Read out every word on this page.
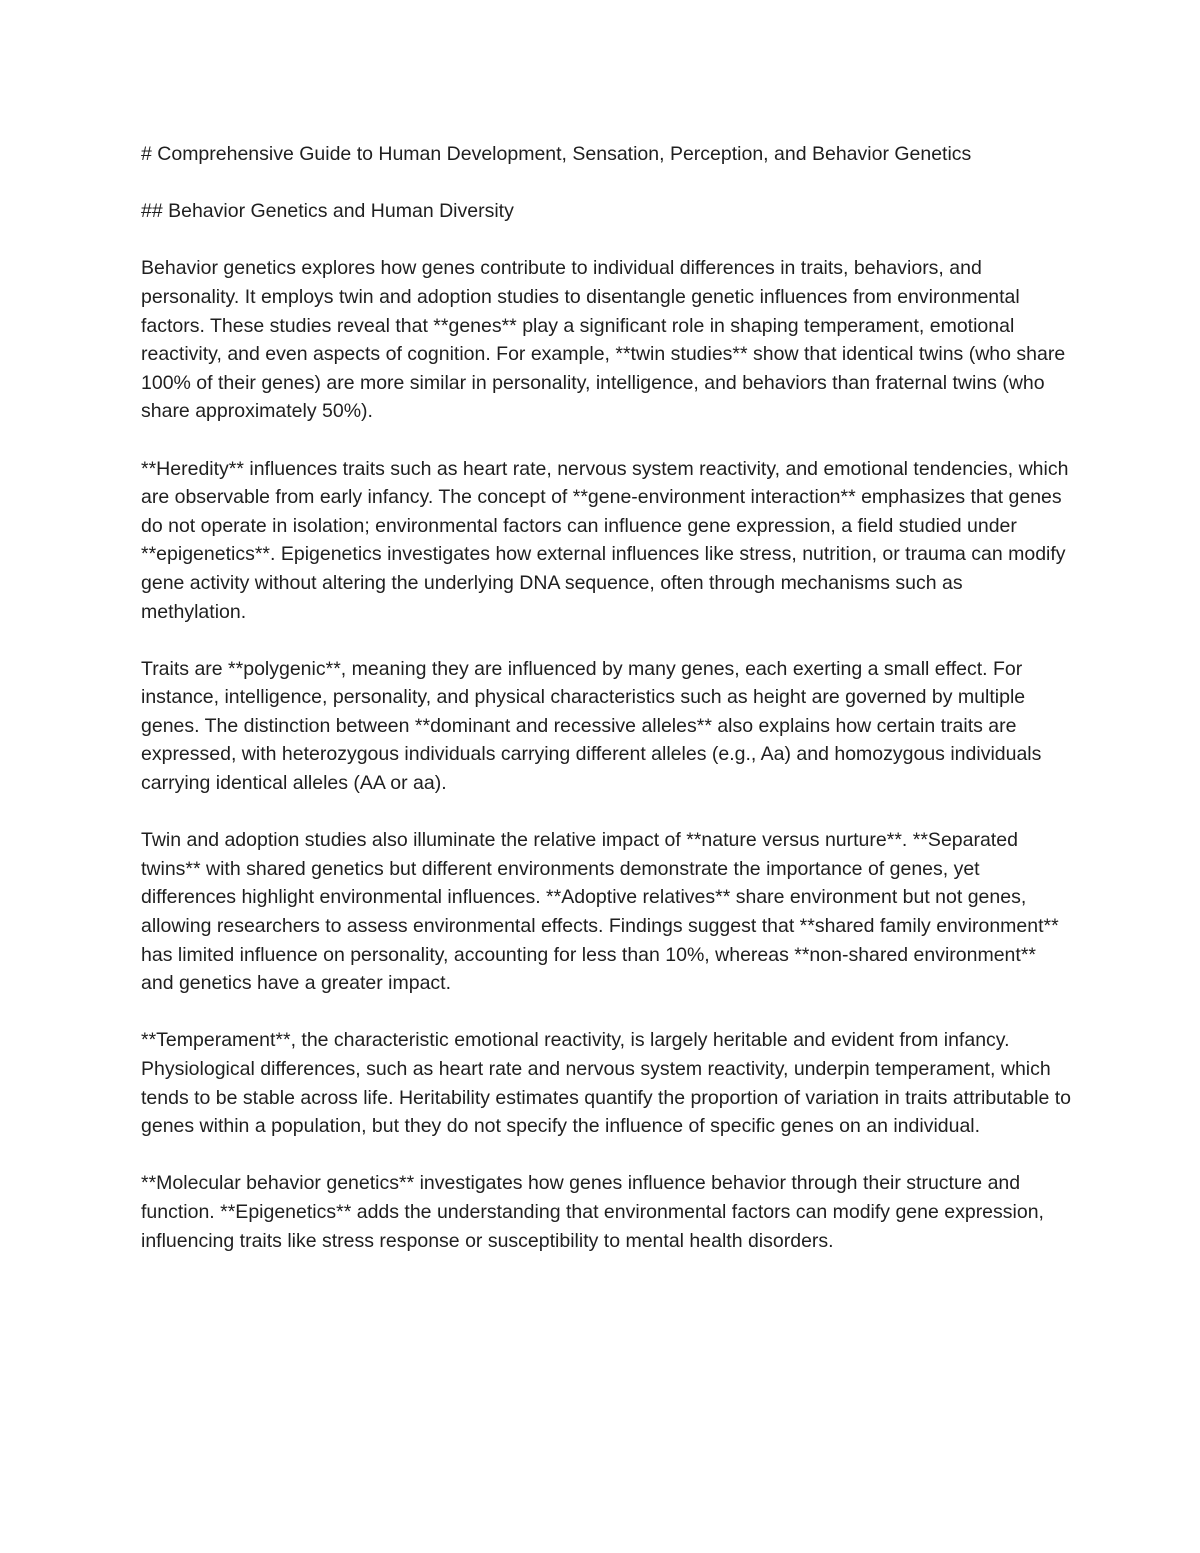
# Comprehensive Guide to Human Development, Sensation, Perception, and Behavior Genetics

## Behavior Genetics and Human Diversity

Behavior genetics explores how genes contribute to individual differences in traits, behaviors, and personality. It employs twin and adoption studies to disentangle genetic influences from environmental factors. These studies reveal that **genes** play a significant role in shaping temperament, emotional reactivity, and even aspects of cognition. For example, **twin studies** show that identical twins (who share 100% of their genes) are more similar in personality, intelligence, and behaviors than fraternal twins (who share approximately 50%).

**Heredity** influences traits such as heart rate, nervous system reactivity, and emotional tendencies, which are observable from early infancy. The concept of **gene-environment interaction** emphasizes that genes do not operate in isolation; environmental factors can influence gene expression, a field studied under **epigenetics**. Epigenetics investigates how external influences like stress, nutrition, or trauma can modify gene activity without altering the underlying DNA sequence, often through mechanisms such as methylation.

Traits are **polygenic**, meaning they are influenced by many genes, each exerting a small effect. For instance, intelligence, personality, and physical characteristics such as height are governed by multiple genes. The distinction between **dominant and recessive alleles** also explains how certain traits are expressed, with heterozygous individuals carrying different alleles (e.g., Aa) and homozygous individuals carrying identical alleles (AA or aa).

Twin and adoption studies also illuminate the relative impact of **nature versus nurture**. **Separated twins** with shared genetics but different environments demonstrate the importance of genes, yet differences highlight environmental influences. **Adoptive relatives** share environment but not genes, allowing researchers to assess environmental effects. Findings suggest that **shared family environment** has limited influence on personality, accounting for less than 10%, whereas **non-shared environment** and genetics have a greater impact.

**Temperament**, the characteristic emotional reactivity, is largely heritable and evident from infancy. Physiological differences, such as heart rate and nervous system reactivity, underpin temperament, which tends to be stable across life. Heritability estimates quantify the proportion of variation in traits attributable to genes within a population, but they do not specify the influence of specific genes on an individual.

**Molecular behavior genetics** investigates how genes influence behavior through their structure and function. **Epigenetics** adds the understanding that environmental factors can modify gene expression, influencing traits like stress response or susceptibility to mental health disorders.
